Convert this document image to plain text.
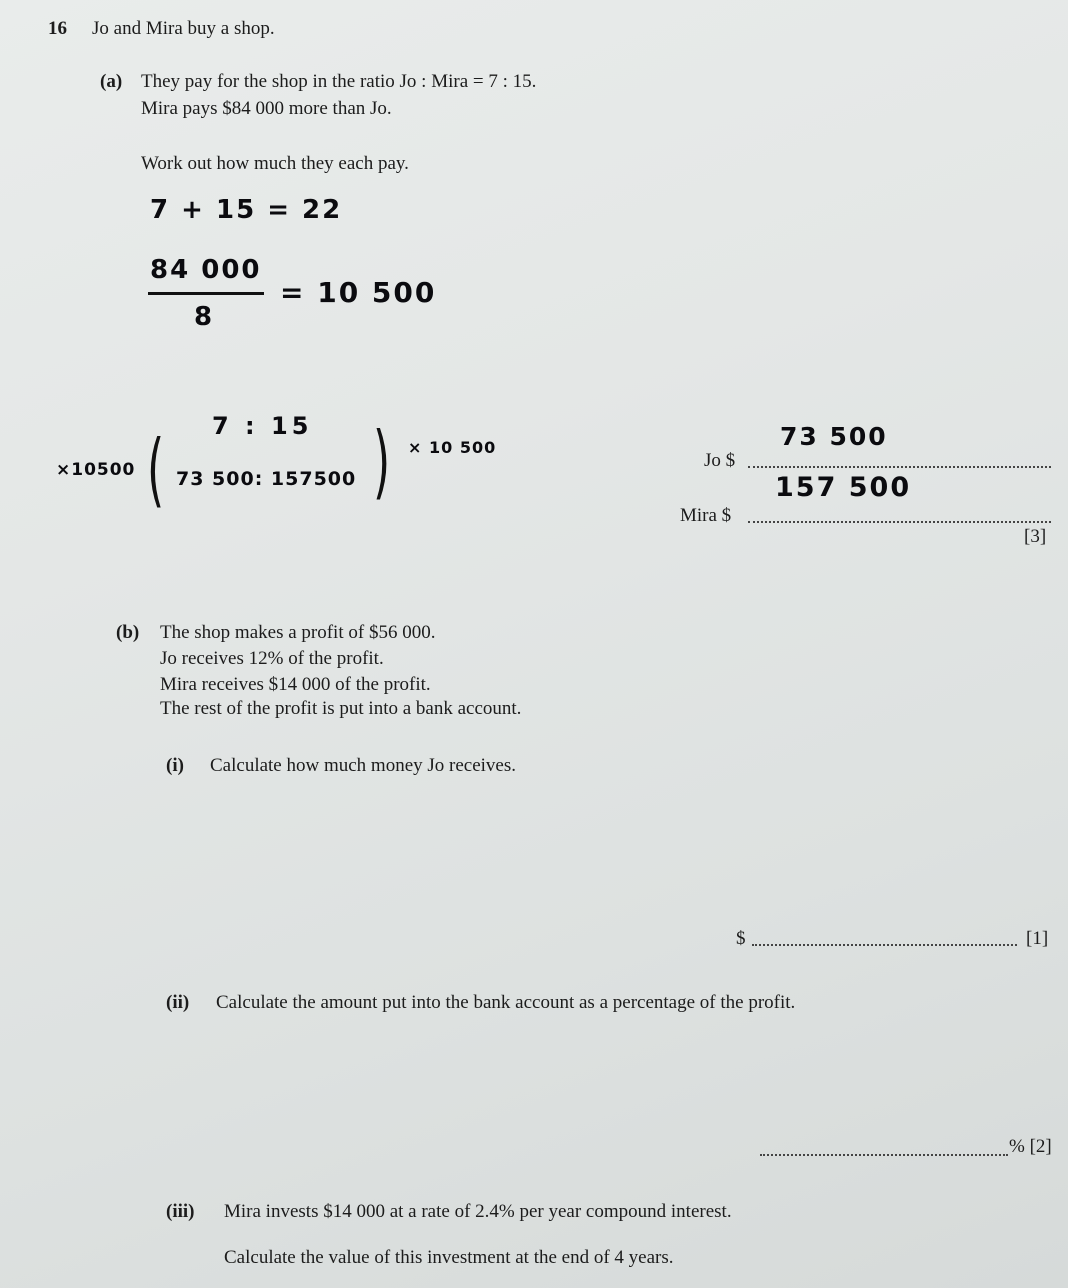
16 Jo and Mira buy a shop.
(a) They pay for the shop in the ratio Jo : Mira = 7 : 15.
Mira pays $84 000 more than Jo.
Work out how much they each pay.
7 + 15 = 22
84 000
8
= 10 500
×10500 ( 7 : 15
73 500: 157500 ) × 10 500
Jo $
73 500
Mira $
157 500
[3]
(b) The shop makes a profit of $56 000.
Jo receives 12% of the profit.
Mira receives $14 000 of the profit.
The rest of the profit is put into a bank account.
(i) Calculate how much money Jo receives.
$	[1]
(ii) Calculate the amount put into the bank account as a percentage of the profit.
% [2]
(iii) Mira invests $14 000 at a rate of 2.4% per year compound interest.
Calculate the value of this investment at the end of 4 years.
